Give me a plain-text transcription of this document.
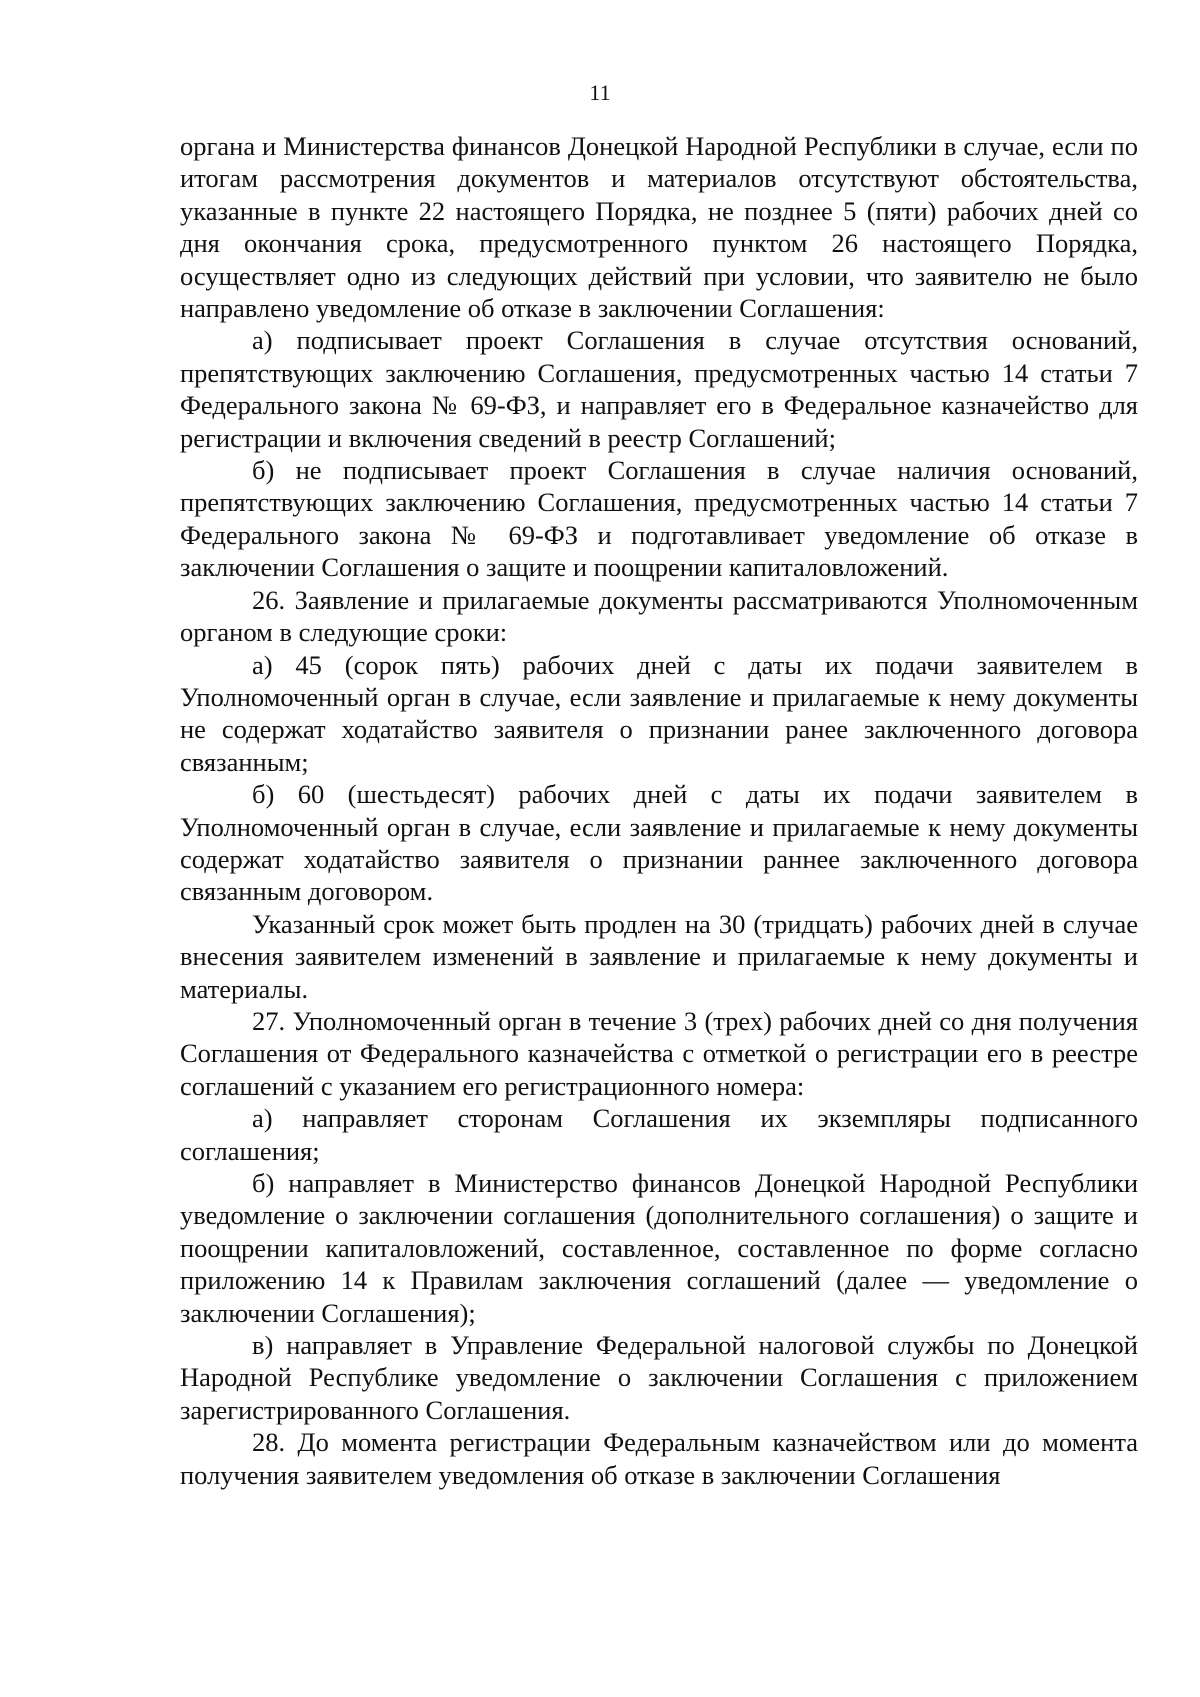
11

органа и Министерства финансов Донецкой Народной Республики в случае, если по итогам рассмотрения документов и материалов отсутствуют обстоятельства, указанные в пункте 22 настоящего Порядка, не позднее 5 (пяти) рабочих дней со дня окончания срока, предусмотренного пунктом 26 настоящего Порядка, осуществляет одно из следующих действий при условии, что заявителю не было направлено уведомление об отказе в заключении Соглашения:

а) подписывает проект Соглашения в случае отсутствия оснований, препятствующих заключению Соглашения, предусмотренных частью 14 статьи 7 Федерального закона № 69-ФЗ, и направляет его в Федеральное казначейство для регистрации и включения сведений в реестр Соглашений;

б) не подписывает проект Соглашения в случае наличия оснований, препятствующих заключению Соглашения, предусмотренных частью 14 статьи 7 Федерального закона № 69-ФЗ и подготавливает уведомление об отказе в заключении Соглашения о защите и поощрении капиталовложений.

26. Заявление и прилагаемые документы рассматриваются Уполномоченным органом в следующие сроки:

а) 45 (сорок пять) рабочих дней с даты их подачи заявителем в Уполномоченный орган в случае, если заявление и прилагаемые к нему документы не содержат ходатайство заявителя о признании ранее заключенного договора связанным;

б) 60 (шестьдесят) рабочих дней с даты их подачи заявителем в Уполномоченный орган в случае, если заявление и прилагаемые к нему документы содержат ходатайство заявителя о признании раннее заключенного договора связанным договором.

Указанный срок может быть продлен на 30 (тридцать) рабочих дней в случае внесения заявителем изменений в заявление и прилагаемые к нему документы и материалы.

27. Уполномоченный орган в течение 3 (трех) рабочих дней со дня получения Соглашения от Федерального казначейства с отметкой о регистрации его в реестре соглашений с указанием его регистрационного номера:

а) направляет сторонам Соглашения их экземпляры подписанного соглашения;

б) направляет в Министерство финансов Донецкой Народной Республики уведомление о заключении соглашения (дополнительного соглашения) о защите и поощрении капиталовложений, составленное, составленное по форме согласно приложению 14 к Правилам заключения соглашений (далее — уведомление о заключении Соглашения);

в) направляет в Управление Федеральной налоговой службы по Донецкой Народной Республике уведомление о заключении Соглашения с приложением зарегистрированного Соглашения.

28. До момента регистрации Федеральным казначейством или до момента получения заявителем уведомления об отказе в заключении Соглашения
